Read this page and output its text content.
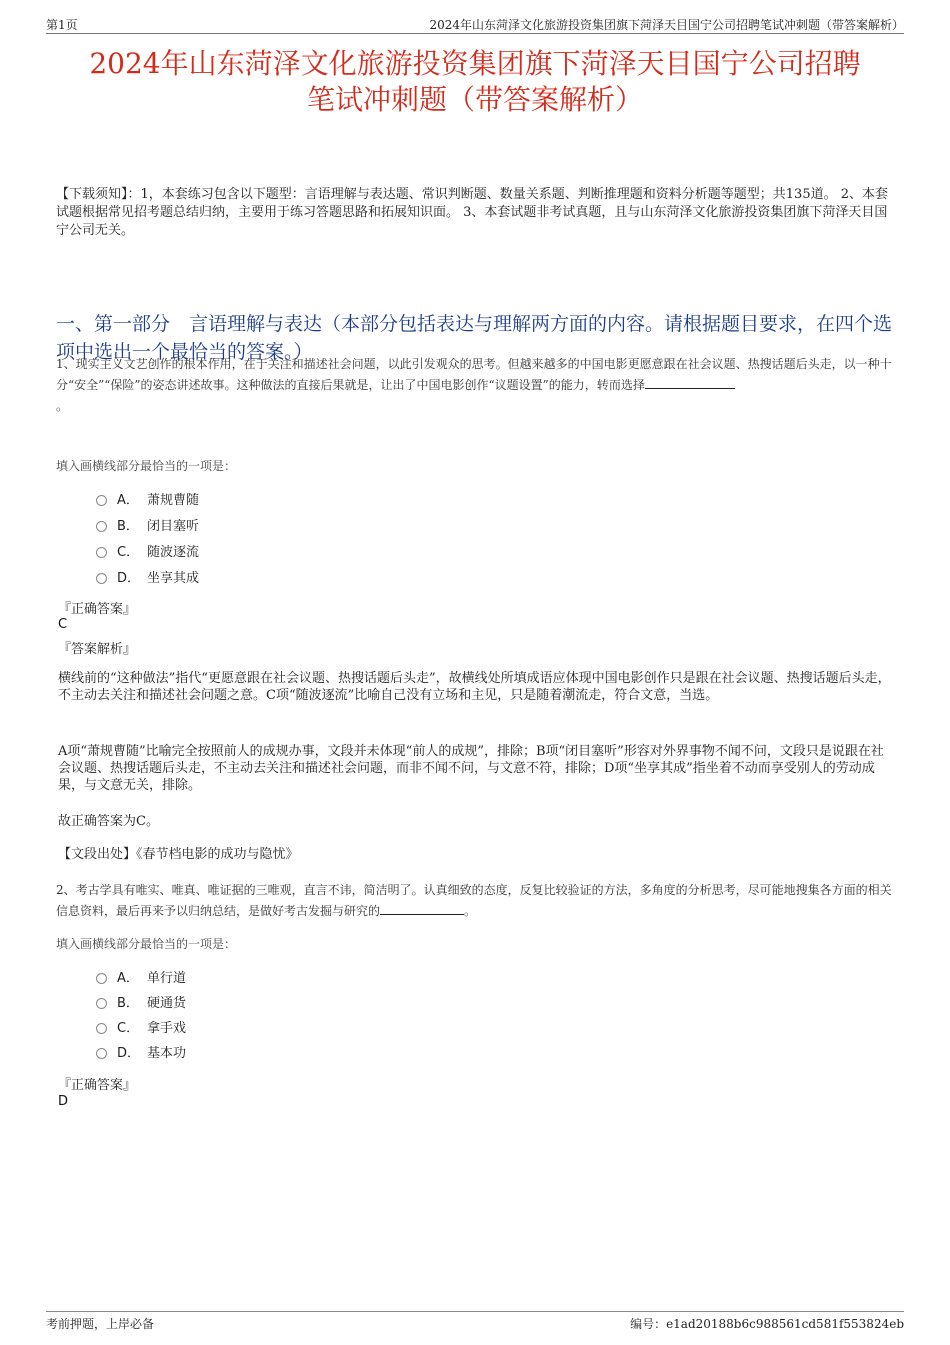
第1页	2024年山东菏泽文化旅游投资集团旗下菏泽天目国宁公司招聘笔试冲刺题（带答案解析）
2024年山东菏泽文化旅游投资集团旗下菏泽天目国宁公司招聘
笔试冲刺题（带答案解析）
【下载须知】：1，本套练习包含以下题型：言语理解与表达题、常识判断题、数量关系题、判断推理题和资料分析题等题型；共135道。 2、本套试题根据常见招考题总结归纳，主要用于练习答题思路和拓展知识面。 3、本套试题非考试真题，且与山东菏泽文化旅游投资集团旗下菏泽天目国宁公司无关。
一、第一部分　言语理解与表达（本部分包括表达与理解两方面的内容。请根据题目要求，在四个选项中选出一个最恰当的答案。）
1、现实主义文艺创作的根本作用，在于关注和描述社会问题，以此引发观众的思考。但越来越多的中国电影更愿意跟在社会议题、热搜话题后头走，以一种十分“安全”“保险”的姿态讲述故事。这种做法的直接后果就是，让出了中国电影创作“议题设置”的能力，转而选择
。
填入画横线部分最恰当的一项是：
A． 萧规曹随
B． 闭目塞听
C． 随波逐流
D． 坐享其成
『正确答案』
C
『答案解析』
横线前的“这种做法”指代“更愿意跟在社会议题、热搜话题后头走”，故横线处所填成语应体现中国电影创作只是跟在社会议题、热搜话题后头走，不主动去关注和描述社会问题之意。C项“随波逐流”比喻自己没有立场和主见，只是随着潮流走，符合文意，当选。
A项“萧规曹随”比喻完全按照前人的成规办事，文段并未体现“前人的成规”，排除；B项“闭目塞听”形容对外界事物不闻不问，文段只是说跟在社会议题、热搜话题后头走，不主动去关注和描述社会问题，而非不闻不问，与文意不符，排除；D项“坐享其成”指坐着不动而享受别人的劳动成果，与文意无关，排除。
故正确答案为C。
【文段出处】《春节档电影的成功与隐忧》
2、考古学具有唯实、唯真、唯证据的三唯观，直言不讳，简洁明了。认真细致的态度，反复比较验证的方法，多角度的分析思考，尽可能地搜集各方面的相关信息资料，最后再来予以归纳总结，是做好考古发掘与研究的	。
填入画横线部分最恰当的一项是：
A． 单行道
B． 硬通货
C． 拿手戏
D． 基本功
『正确答案』
D
考前押题，上岸必备	编号：e1ad20188b6c988561cd581f553824eb
